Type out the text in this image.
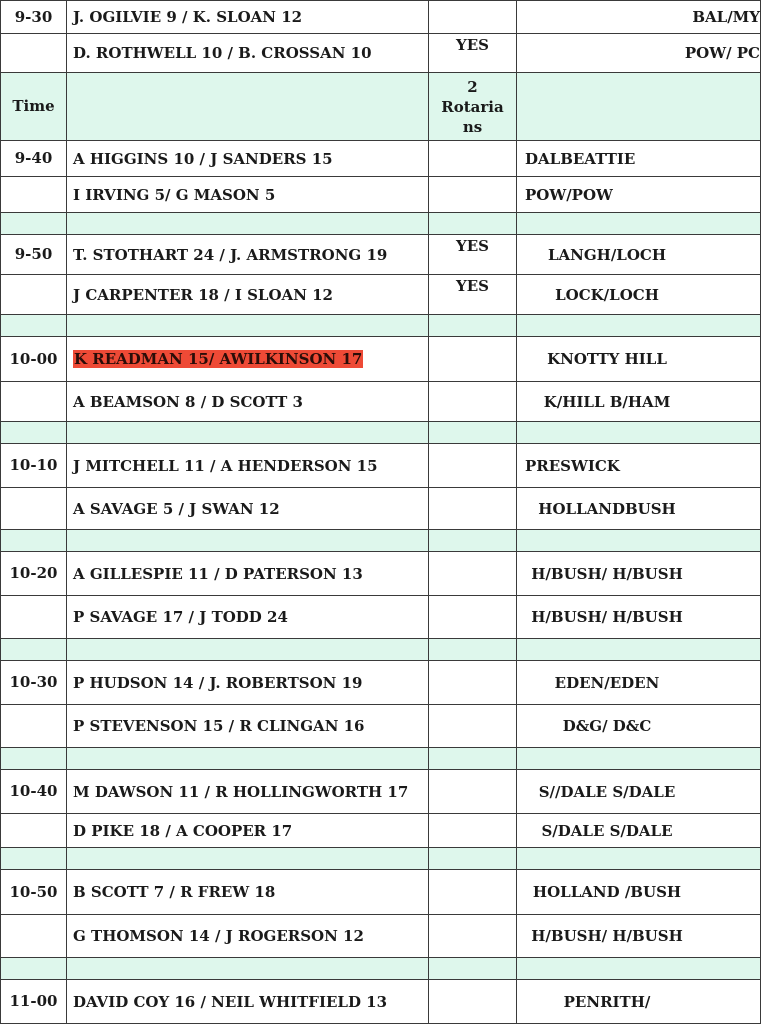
9-30	J. OGILVIE 9 / K. SLOAN 12		BAL/MY
	D. ROTHWELL 10 / B. CROSSAN 10	YES	POW/ PC
Time		2 Rotaria ns	
9-40	A HIGGINS 10 / J SANDERS 15		DALBEATTIE
	I IRVING 5/ G MASON 5		POW/POW

9-50	T. STOTHART 24 / J. ARMSTRONG 19	YES	LANGH/LOCH
	J CARPENTER 18 / I SLOAN 12	YES	LOCK/LOCH

10-00	K READMAN 15/ AWILKINSON 17		KNOTTY HILL
	A BEAMSON 8 / D SCOTT 3		K/HILL B/HAM

10-10	J MITCHELL 11 / A HENDERSON 15		PRESWICK
	A SAVAGE 5 / J SWAN 12		HOLLANDBUSH

10-20	A GILLESPIE 11 / D PATERSON 13		H/BUSH/ H/BUSH
	P SAVAGE 17 / J TODD 24		H/BUSH/ H/BUSH

10-30	P HUDSON 14 / J. ROBERTSON 19		EDEN/EDEN
	P STEVENSON 15 / R CLINGAN 16		D&G/ D&C

10-40	M DAWSON 11 / R HOLLINGWORTH 17		S//DALE S/DALE
	D PIKE 18 / A COOPER 17		S/DALE S/DALE

10-50	B SCOTT 7 / R FREW 18		HOLLAND /BUSH
	G THOMSON 14 / J ROGERSON 12		H/BUSH/ H/BUSH

11-00	DAVID COY 16 / NEIL WHITFIELD 13		PENRITH/
